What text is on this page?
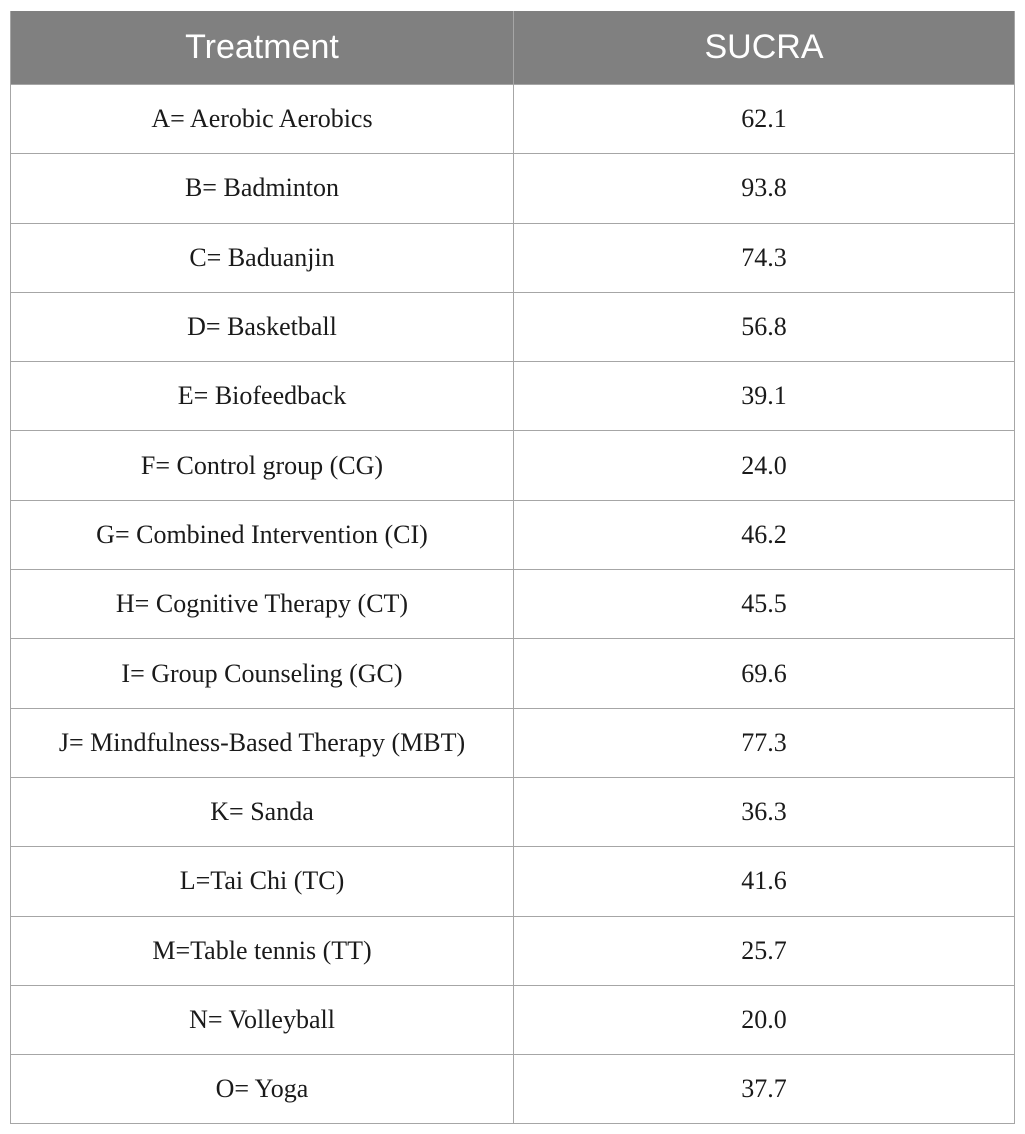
Treatment	SUCRA
A= Aerobic Aerobics	62.1
B= Badminton	93.8
C= Baduanjin	74.3
D= Basketball	56.8
E= Biofeedback	39.1
F= Control group (CG)	24.0
G= Combined Intervention (CI)	46.2
H= Cognitive Therapy (CT)	45.5
I= Group Counseling (GC)	69.6
J= Mindfulness-Based Therapy (MBT)	77.3
K= Sanda	36.3
L=Tai Chi (TC)	41.6
M=Table tennis (TT)	25.7
N= Volleyball	20.0
O= Yoga	37.7
